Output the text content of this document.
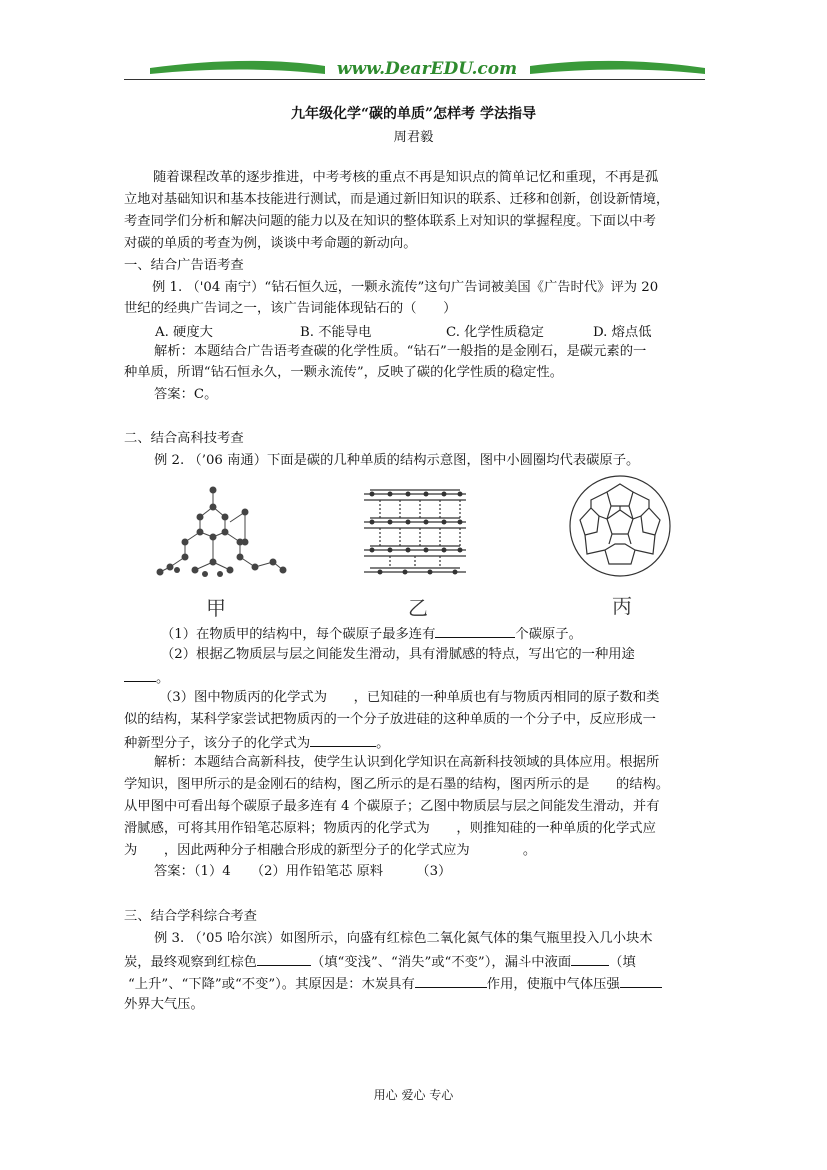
www.DearEDU.com
九年级化学“碳的单质”怎样考 学法指导
周君毅
随着课程改革的逐步推进，中考考核的重点不再是知识点的简单记忆和重现，不再是孤
立地对基础知识和基本技能进行测试，而是通过新旧知识的联系、迁移和创新，创设新情境，
考查同学们分析和解决问题的能力以及在知识的整体联系上对知识的掌握程度。下面以中考
对碳的单质的考查为例，谈谈中考命题的新动向。
一、结合广告语考查
例 1. （'04 南宁）“钻石恒久远，一颗永流传”这句广告词被美国《广告时代》评为 20
世纪的经典广告词之一，该广告词能体现钻石的（　　）
A. 硬度大	B. 不能导电	C. 化学性质稳定	D. 熔点低
解析：本题结合广告语考查碳的化学性质。“钻石”一般指的是金刚石，是碳元素的一
种单质，所谓“钻石恒永久，一颗永流传”，反映了碳的化学性质的稳定性。
答案：C。
二、结合高科技考查
例 2. （’06 南通）下面是碳的几种单质的结构示意图，图中小圆圈均代表碳原子。
甲	乙	丙
（1）在物质甲的结构中，每个碳原子最多连有	个碳原子。
（2）根据乙物质层与层之间能发生滑动，具有滑腻感的特点，写出它的一种用途
。
（3）图中物质丙的化学式为　　，已知硅的一种单质也有与物质丙相同的原子数和类
似的结构，某科学家尝试把物质丙的一个分子放进硅的这种单质的一个分子中，反应形成一
种新型分子，该分子的化学式为	。
解析：本题结合高新科技，使学生认识到化学知识在高新科技领域的具体应用。根据所
学知识，图甲所示的是金刚石的结构，图乙所示的是石墨的结构，图丙所示的是　　的结构。
从甲图中可看出每个碳原子最多连有 4 个碳原子；乙图中物质层与层之间能发生滑动，并有
滑腻感，可将其用作铅笔芯原料；物质丙的化学式为　　，则推知硅的一种单质的化学式应
为　　，因此两种分子相融合形成的新型分子的化学式应为　　　　。
答案：（1）4　　（2）用作铅笔芯 原料　　　（3）
三、结合学科综合考查
例 3. （’05 哈尔滨）如图所示，向盛有红棕色二氧化氮气体的集气瓶里投入几小块木
炭，最终观察到红棕色	（填“变浅”、“消失”或“不变”），漏斗中液面	（填
“上升”、“下降”或“不变”）。其原因是：木炭具有	作用，使瓶中气体压强
外界大气压。
用心 爱心 专心
